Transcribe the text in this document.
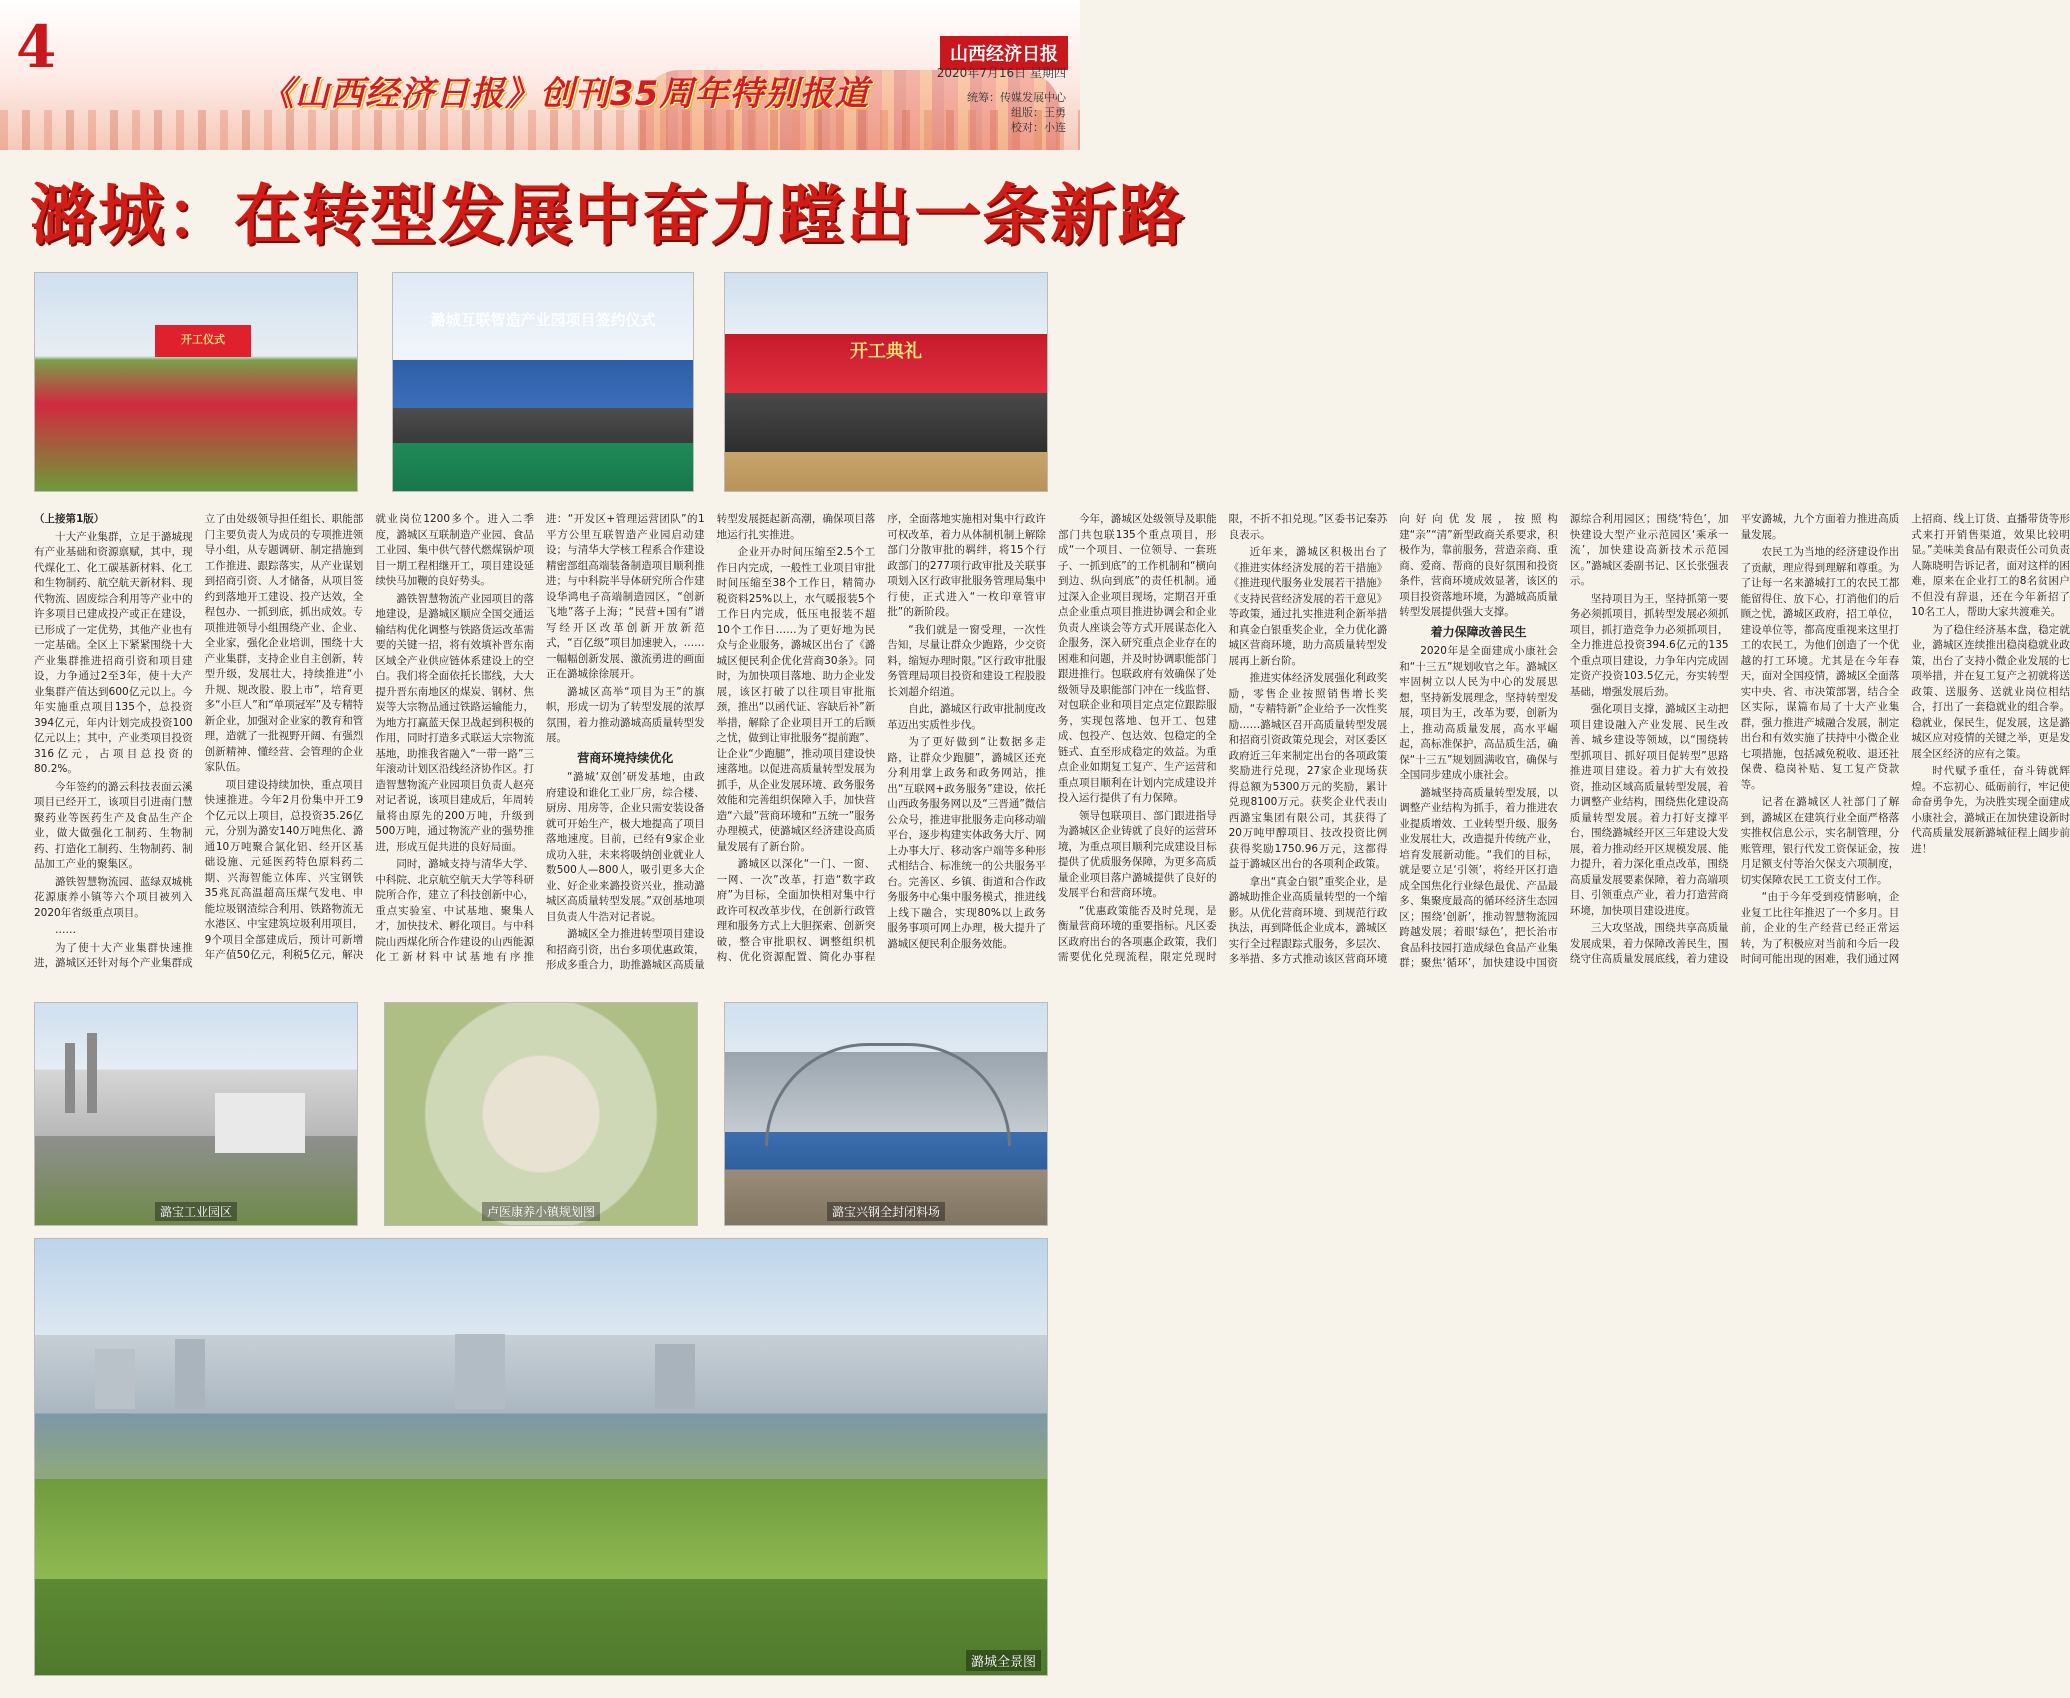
4
《山西经济日报》创刊35周年特别报道
山西经济日报
2020年7月16日 星期四
统筹：传媒发展中心
组版：王勇
校对：小连
潞城：在转型发展中奋力蹚出一条新路
开工仪式
潞城互联智造产业园项目签约仪式
开工典礼

（上接第1版）

十大产业集群，立足于潞城现有产业基础和资源禀赋，其中，现代煤化工、化工碳基新材料、化工和生物制药、航空航天新材料、现代物流、固废综合利用等产业中的许多项目已建成投产或正在建设，已形成了一定优势，其他产业也有一定基础。全区上下紧紧围绕十大产业集群推进招商引资和项目建设，力争通过2至3年，使十大产业集群产值达到600亿元以上。今年实施重点项目135个，总投资394亿元，年内计划完成投资100亿元以上；其中，产业类项目投资316亿元，占项目总投资的80.2%。

今年签约的潞云科技表面云溪项目已经开工，该项目引进南门慧聚药业等医药生产及食品生产企业，做大做强化工制药、生物制药、打造化工制药、生物制药、制品加工产业的聚集区。

潞铁智慧物流园、蓝绿双城桃花源康养小镇等六个项目被列入2020年省级重点项目。

……

为了使十大产业集群快速推进，潞城区还针对每个产业集群成立了由处级领导担任组长、职能部门主要负责人为成员的专项推进领导小组，从专题调研、制定措施到工作推进、跟踪落实，从产业谋划到招商引资、人才储备，从项目签约到落地开工建设、投产达效，全程包办、一抓到底，抓出成效。专项推进领导小组围绕产业、企业、全业家，强化企业培训，围绕十大产业集群，支持企业自主创新，转型升级，发展壮大，持续推进“小升规、规改股、股上市”，培育更多“小巨人”和“单项冠军”及专精特新企业，加强对企业家的教育和管理，造就了一批视野开阔、有强烈创新精神、懂经营、会管理的企业家队伍。

项目建设持续加快，重点项目快速推进。今年2月份集中开工9个亿元以上项目，总投资35.26亿元，分别为潞安140万吨焦化、潞通10万吨聚合氯化铝、经开区基础设施、元延医药特色原料药二期、兴海智能立体库、兴宝钢铁35兆瓦高温超高压煤气发电、申能垃圾钢渣综合利用、铁路物流无水港区、中宝建筑垃圾利用项目，9个项目全部建成后，预计可新增年产值50亿元，利税5亿元，解决就业岗位1200多个。进入二季度，潞城区互联制造产业园、食品工业园、集中供气替代燃煤锅炉项目一期工程相继开工，项目建设延续快马加鞭的良好势头。

潞铁智慧物流产业园项目的落地建设，是潞城区顺应全国交通运输结构优化调整与铁路货运改革需要的关键一招，将有效填补晋东南区域全产业供应链体系建设上的空白。我们将全面依托长邯线，大大提升晋东南地区的煤炭、钢材、焦炭等大宗物品通过铁路运输能力，为地方打赢蓝天保卫战起到积极的作用，同时打造多式联运大宗物流基地，助推我省融入“一带一路”三年滚动计划区沿线经济协作区。打造智慧物流产业园项目负责人赵亮对记者说，该项目建成后，年周转量将由原先的200万吨，升级到500万吨，通过物流产业的强势推进，形成互促共进的良好局面。

同时，潞城支持与清华大学、中科院、北京航空航天大学等科研院所合作，建立了科技创新中心，重点实验室、中试基地、聚集人才，加快技术、孵化项目。与中科院山西煤化所合作建设的山西能源化工新材料中试基地有序推进：“开发区+管理运营团队”的1平方公里互联智造产业园启动建设；与清华大学核工程系合作建设精密部组高端装备制造项目顺利推进；与中科院半导体研究所合作建设华鸿电子高端制造园区，“创新飞地”落子上海；“民营+国有”谱写经开区改革创新开放新范式，“百亿级”项目加速驶入，……一幅幅创新发展、激流勇进的画面正在潞城徐徐展开。

潞城区高举“项目为王”的旗帜，形成一切为了转型发展的浓厚氛围，着力推动潞城高质量转型发展。

营商环境持续优化

“潞城‘双创’研发基地，由政府建设和谁化工业厂房，综合楼、厨房、用房等，企业只需安装设备就可开始生产，极大地提高了项目落地速度。目前，已经有9家企业成功入驻，未来将吸纳创业就业人数500人—800人，吸引更多大企业、好企业来潞投资兴业，推动潞城区高质量转型发展。”双创基地项目负责人牛浩对记者说。

潞城区全力推进转型项目建设和招商引资，出台多项优惠政策，形成多重合力，助推潞城区高质量转型发展挺起新高潮，确保项目落地运行扎实推进。

企业开办时间压缩至2.5个工作日内完成，一般性工业项目审批时间压缩至38个工作日，精简办税资料25%以上，水气暖报装5个工作日内完成，低压电报装不超10个工作日……为了更好地为民众与企业服务，潞城区出台了《潞城区便民利企优化营商30条》。同时，为加快项目落地、助力企业发展，该区打破了以往项目审批瓶颈，推出“以函代证、容缺后补”新举措，解除了企业项目开工的后顾之忧，做到让审批服务“提前跑”、让企业“少跑腿”，推动项目建设快速落地。以促进高质量转型发展为抓手，从企业发展环境、政务服务效能和完善组织保障入手，加快营造“六最”营商环境和“五统一”服务办理模式，使潞城区经济建设高质量发展有了新台阶。

潞城区以深化“一门、一窗、一网、一次”改革，打造“数字政府”为目标，全面加快相对集中行政许可权改革步伐，在创新行政管理和服务方式上大胆探索、创新突破，整合审批职权、调整组织机构、优化资源配置、简化办事程序，全面落地实施相对集中行政许可权改革，着力从体制机制上解除部门分散审批的羁绊，将15个行政部门的277项行政审批及关联事项划入区行政审批服务管理局集中行使，正式进入“一枚印章管审批”的新阶段。

“我们就是一窗受理，一次性告知，尽量让群众少跑路，少交资料，缩短办理时限。”区行政审批服务管理局项目投资和建设工程股股长刘超介绍道。

自此，潞城区行政审批制度改革迈出实质性步伐。

为了更好做到“让数据多走路，让群众少跑腿”，潞城区还充分利用掌上政务和政务网站，推出“互联网+政务服务”建设，依托山西政务服务网以及“三晋通”微信公众号，推进审批服务走向移动端平台，逐步构建实体政务大厅、网上办事大厅、移动客户端等多种形式相结合、标准统一的公共服务平台。完善区、乡镇、街道和合作政务服务中心集中服务模式，推进线上线下融合，实现80%以上政务服务事项可网上办理，极大提升了潞城区便民利企服务效能。

今年，潞城区处级领导及职能部门共包联135个重点项目，形成“一个项目、一位领导、一套班子、一抓到底”的工作机制和“横向到边、纵向到底”的责任机制。通过深入企业项目现场，定期召开重点企业重点项目推进协调会和企业负责人座谈会等方式开展谋态化入企服务，深入研究重点企业存在的困难和问题，并及时协调职能部门跟进推行。包联政府有效确保了处级领导及职能部门冲在一线监督、对包联企业和项目定点定位跟踪服务，实现包落地、包开工、包建成、包投产、包达效、包稳定的全链式、直至形成稳定的效益。为重点企业如期复工复产、生产运营和重点项目顺利在计划内完成建设并投入运行提供了有力保障。

领导包联项目、部门跟进指导为潞城区企业铸就了良好的运营环境，为重点项目顺利完成建设目标提供了优质服务保障，为更多高质量企业项目落户潞城提供了良好的发展平台和营商环境。

“优惠政策能否及时兑现，是衡量营商环境的重要指标。凡区委区政府出台的各项惠企政策，我们需要优化兑现流程，限定兑现时限，不折不扣兑现。”区委书记秦苏良表示。

近年来，潞城区积极出台了《推进实体经济发展的若干措施》《推进现代服务业发展若干措施》《支持民营经济发展的若干意见》等政策，通过扎实推进利企新举措和真金白银重奖企业，全力优化潞城区营商环境，助力高质量转型发展再上新台阶。

推进实体经济发展强化利政奖励，零售企业按照销售增长奖励，“专精特新”企业给予一次性奖励……潞城区召开高质量转型发展和招商引资政策兑现会，对区委区政府近三年来制定出台的各项政策奖励进行兑现，27家企业现场获得总额为5300万元的奖励，累计兑现8100万元。获奖企业代表山西潞宝集团有限公司，其获得了20万吨甲醇项目、技改投资比例获得奖励1750.96万元，这都得益于潞城区出台的各项利企政策。

拿出“真金白银”重奖企业，是潞城助推企业高质量转型的一个缩影。从优化营商环境、到规范行政执法，再到降低企业成本，潞城区实行全过程跟踪式服务，多层次、多举措、多方式推动该区营商环境向好向优发展，按照构建“亲”“清”新型政商关系要求，积极作为，靠前服务，营造亲商、重商、爱商、帮商的良好氛围和投资条件，营商环境成效显著，该区的项目投资落地环境，为潞城高质量转型发展提供强大支撑。

着力保障改善民生

2020年是全面建成小康社会和“十三五”规划收官之年。潞城区牢固树立以人民为中心的发展思想，坚持新发展理念，坚持转型发展，项目为王，改革为要，创新为上，推动高质量发展，高水平崛起，高标准保护，高品质生活，确保“十三五”规划圆满收官，确保与全国同步建成小康社会。

潞城坚持高质量转型发展，以调整产业结构为抓手，着力推进农业提质增效、工业转型升级、服务业发展壮大，改造提升传统产业，培育发展新动能。“我们的目标，就是要立足‘引领’，将经开区打造成全国焦化行业绿色最优、产品最多、集聚度最高的循环经济生态园区；围绕‘创新’，推动智慧物流园跨越发展；着眼‘绿色’，把长治市食品科技园打造成绿色食品产业集群；聚焦‘循环’，加快建设中国资源综合利用园区；围绕‘特色’，加快建设大型产业示范园区‘乘承一流’，加快建设高新技术示范园区。”潞城区委副书记、区长张强表示。

坚持项目为王，坚持抓第一要务必须抓项目，抓转型发展必须抓项目，抓打造竞争力必须抓项目，全力推进总投资394.6亿元的135个重点项目建设，力争年内完成固定资产投资103.5亿元，夯实转型基础，增强发展后劲。

强化项目支撑，潞城区主动把项目建设融入产业发展、民生改善、城乡建设等领域，以“围绕转型抓项目、抓好项目促转型”思路推进项目建设。着力扩大有效投资，推动区域高质量转型发展，着力调整产业结构，围绕焦化建设高质量转型发展。着力打好支撑平台，围绕潞城经开区三年建设大发展，着力推动经开区规模发展、能力提升，着力深化重点改革，围绕高质量发展要素保障，着力高端项目、引领重点产业，着力打造营商环境，加快项目建设进度。

三大攻坚战，围绕共享高质量发展成果，着力保障改善民生，围绕守住高质量发展底线，着力建设平安潞城，九个方面着力推进高质量发展。

农民工为当地的经济建设作出了贡献，理应得到理解和尊重。为了让每一名来潞城打工的农民工都能留得住、放下心，打消他们的后顾之忧，潞城区政府，招工单位，建设单位等，都高度重视来这里打工的农民工，为他们创造了一个优越的打工环境。尤其是在今年春天，面对全国疫情，潞城区全面落实中央、省、市决策部署，结合全区实际，谋篇布局了十大产业集群，强力推进产城融合发展，制定出台和有效实施了扶持中小微企业七项措施，包括减免税收、退还社保费、稳岗补贴、复工复产贷款等。

记者在潞城区人社部门了解到，潞城区在建筑行业全面严格落实推权信息公示，实名制管理，分账管理，银行代发工资保证金，按月足额支付等治欠保支六项制度，切实保障农民工工资支付工作。

“由于今年受到疫情影响，企业复工比往年推迟了一个多月。目前，企业的生产经营已经正常运转，为了积极应对当前和今后一段时间可能出现的困难，我们通过网上招商、线上订货、直播带货等形式来打开销售渠道，效果比较明显。”美味美食品有限责任公司负责人陈晓明告诉记者，面对这样的困难，原来在企业打工的8名贫困户不但没有辞退，还在今年新招了10名工人，帮助大家共渡难关。

为了稳住经济基本盘，稳定就业，潞城区连续推出稳岗稳就业政策，出台了支持小微企业发展的七项举措，并在复工复产之初就将送政策、送服务、送就业岗位相结合，打出了一套稳就业的组合拳。稳就业，保民生，促发展，这是潞城区应对疫情的关键之举，更是发展全区经济的应有之策。

时代赋予重任，奋斗铸就辉煌。不忘初心、砥砺前行，牢记使命奋勇争先，为决胜实现全面建成小康社会，潞城正在加快建设新时代高质量发展新潞城征程上阔步前进！

潞宝工业园区	卢医康养小镇规划图	潞宝兴钢全封闭料场
潞城全景图
